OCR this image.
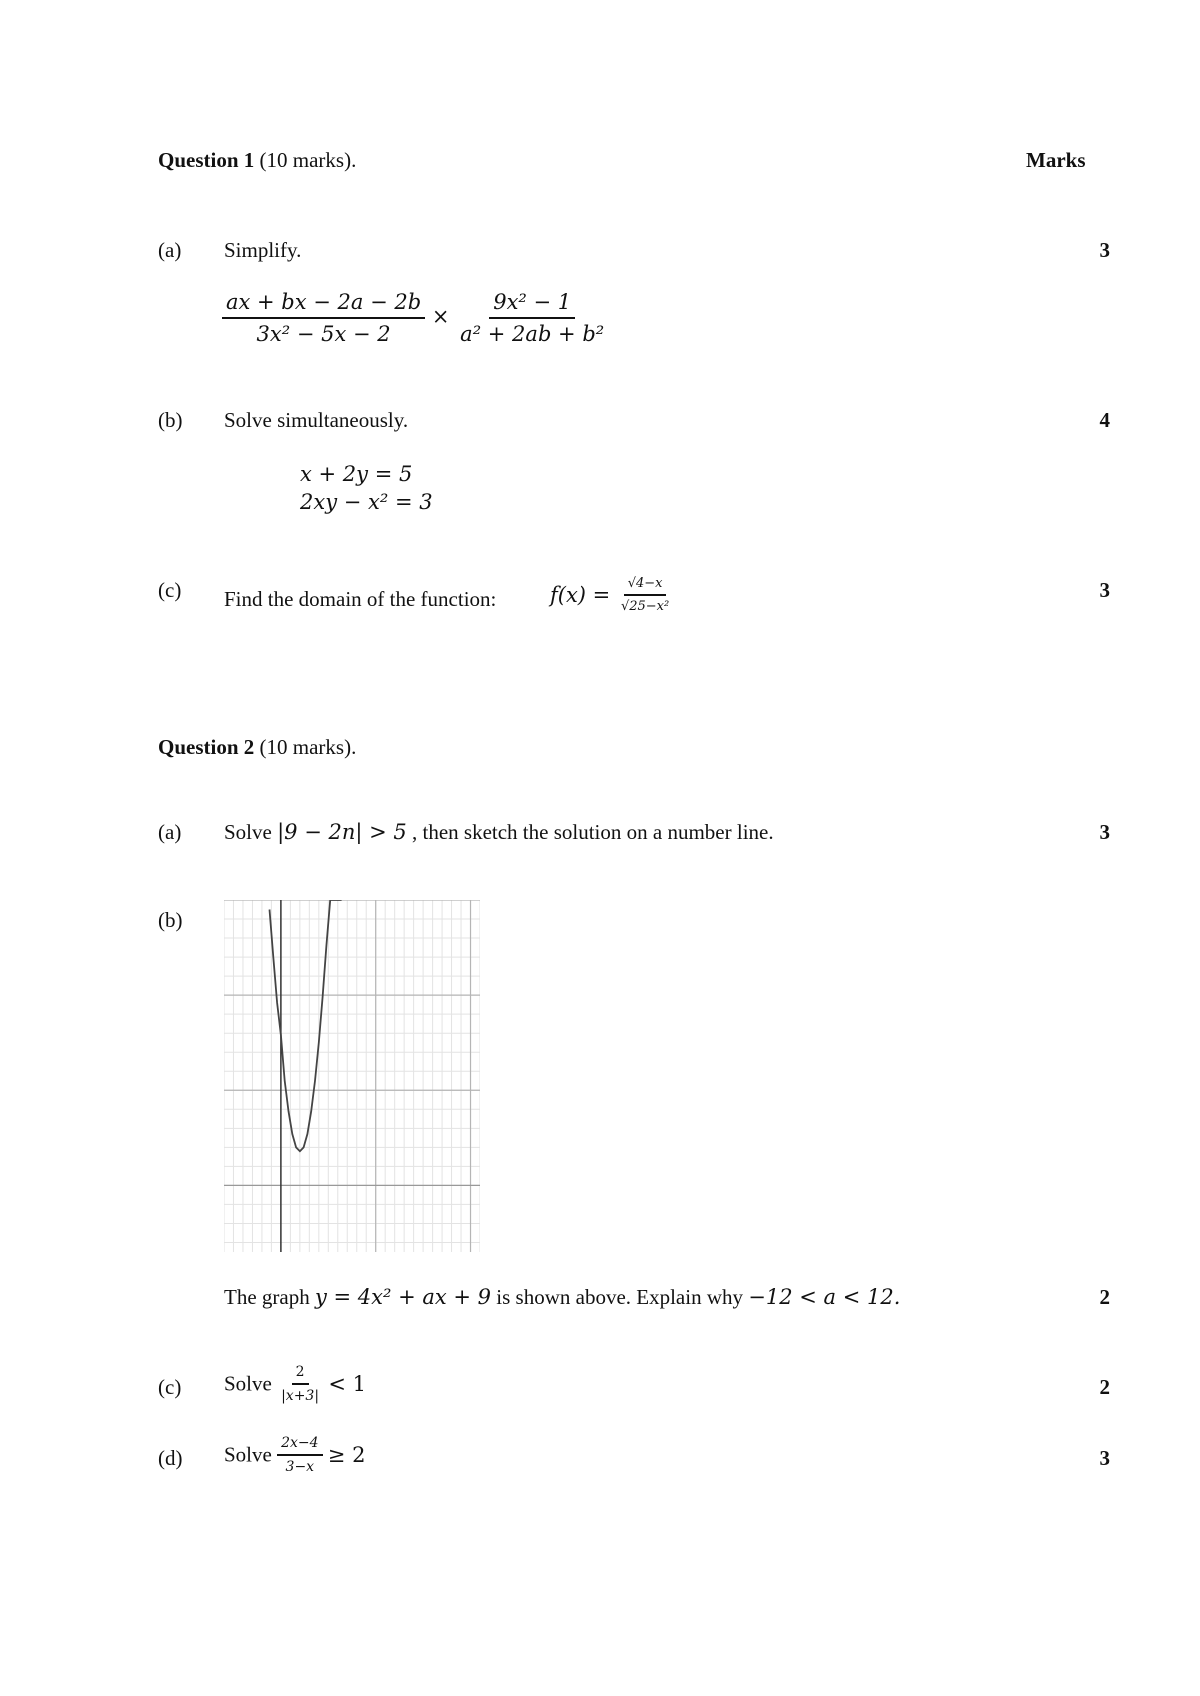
Question 1 (10 marks).	Marks
(a) Simplify.	3
$\frac{ax + bx - 2a - 2b}{\text{3x² − 5x − 2}} \times \frac{\text{9x² − 1}}{\text{a² + 2ab + b²}}$
(b) Solve simultaneously.	4
x + 2y = 5
2xy − x² = 3
(c) Find the domain of the function:	$f(x) = \frac{√4-x}{\text{√25−x²}}$	3
Question 2 (10 marks).
(a) Solve |9 − 2n| > 5 , then sketch the solution on a number line.	3
(b)
The graph y = 4x² + ax + 9 is shown above. Explain why −12 < a < 12.	2
(c) Solve $\frac{2}{|x+3|} < 1$	2
(d) Solve $\frac{2x-4}{3-x} \ge 2$	3
